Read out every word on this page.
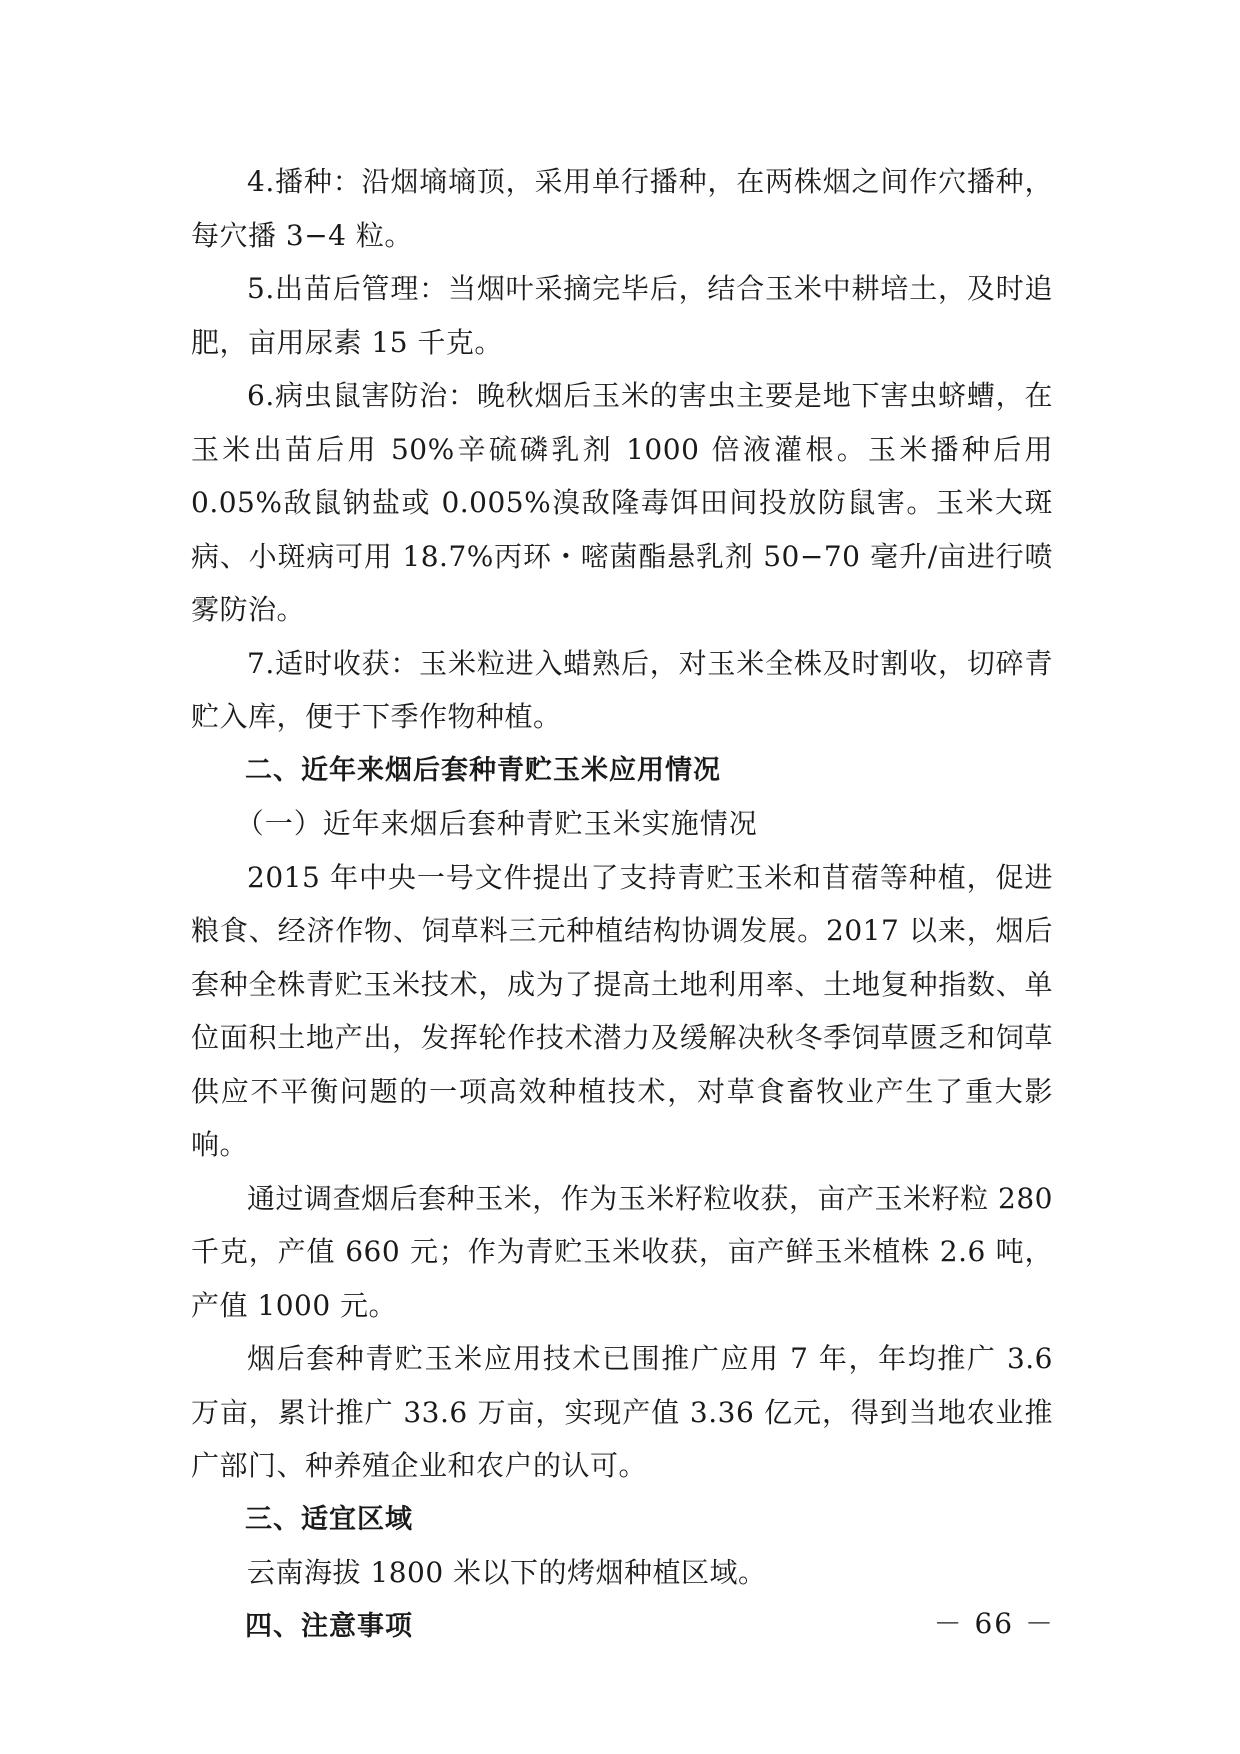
4.播种：沿烟墒墒顶，采用单行播种，在两株烟之间作穴播种，每穴播 3−4 粒。

5.出苗后管理：当烟叶采摘完毕后，结合玉米中耕培土，及时追肥，亩用尿素 15 千克。

6.病虫鼠害防治：晚秋烟后玉米的害虫主要是地下害虫蛴螬，在玉米出苗后用 50%辛硫磷乳剂 1000 倍液灌根。玉米播种后用 0.05%敌鼠钠盐或 0.005%溴敌隆毒饵田间投放防鼠害。玉米大斑病、小斑病可用 18.7%丙环・嘧菌酯悬乳剂 50−70 毫升/亩进行喷雾防治。

7.适时收获：玉米粒进入蜡熟后，对玉米全株及时割收，切碎青贮入库，便于下季作物种植。

二、近年来烟后套种青贮玉米应用情况

（一）近年来烟后套种青贮玉米实施情况

2015 年中央一号文件提出了支持青贮玉米和苜蓿等种植，促进粮食、经济作物、饲草料三元种植结构协调发展。2017 以来，烟后套种全株青贮玉米技术，成为了提高土地利用率、土地复种指数、单位面积土地产出，发挥轮作技术潜力及缓解决秋冬季饲草匮乏和饲草供应不平衡问题的一项高效种植技术，对草食畜牧业产生了重大影响。

通过调查烟后套种玉米，作为玉米籽粒收获，亩产玉米籽粒 280 千克，产值 660 元；作为青贮玉米收获，亩产鲜玉米植株 2.6 吨，产值 1000 元。

烟后套种青贮玉米应用技术已围推广应用 7 年，年均推广 3.6 万亩，累计推广 33.6 万亩，实现产值 3.36 亿元，得到当地农业推广部门、种养殖企业和农户的认可。

三、适宜区域

云南海拔 1800 米以下的烤烟种植区域。

四、注意事项	－ 66 －
